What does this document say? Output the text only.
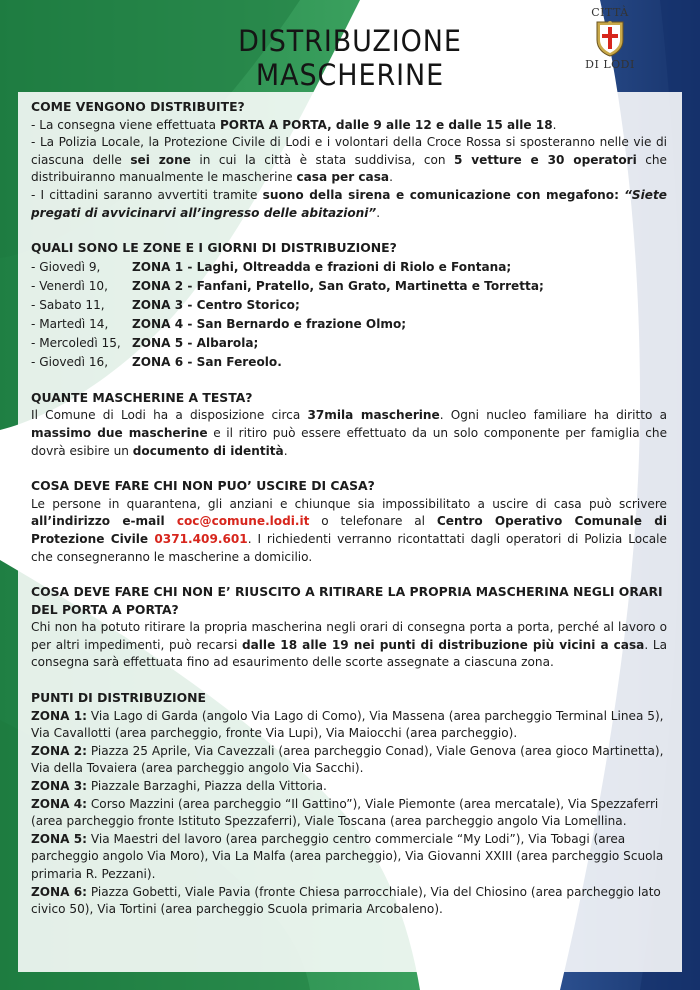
DISTRIBUZIONE MASCHERINE
CITTÀ
DI LODI
COME VENGONO DISTRIBUITE?

- La consegna viene effettuata PORTA A PORTA, dalle 9 alle 12 e dalle 15 alle 18.

- La Polizia Locale, la Protezione Civile di Lodi e i volontari della Croce Rossa si sposteranno nelle vie di ciascuna delle sei zone in cui la città è stata suddivisa, con 5 vetture e 30 operatori che distribuiranno manualmente le mascherine casa per casa.

- I cittadini saranno avvertiti tramite suono della sirena e comunicazione con megafono: “Siete pregati di avvicinarvi all’ingresso delle abitazioni”.

QUALI SONO LE ZONE E I GIORNI DI DISTRIBUZIONE?
- Giovedì 9,	ZONA 1 - Laghi, Oltreadda e frazioni di Riolo e Fontana;
- Venerdì 10,	ZONA 2 - Fanfani, Pratello, San Grato, Martinetta e Torretta;
- Sabato 11,	ZONA 3 - Centro Storico;
- Martedì 14,	ZONA 4 - San Bernardo e frazione Olmo;
- Mercoledì 15, ZONA 5 - Albarola;
- Giovedì 16,	ZONA 6 - San Fereolo.
QUANTE MASCHERINE A TESTA?

Il Comune di Lodi ha a disposizione circa 37mila mascherine. Ogni nucleo familiare ha diritto a massimo due mascherine e il ritiro può essere effettuato da un solo componente per famiglia che dovrà esibire un documento di identità.

COSA DEVE FARE CHI NON PUO’ USCIRE DI CASA?

Le persone in quarantena, gli anziani e chiunque sia impossibilitato a uscire di casa può scrivere all’indirizzo e-mail coc@comune.lodi.it o telefonare al Centro Operativo Comunale di Protezione Civile 0371.409.601. I richiedenti verranno ricontattati dagli operatori di Polizia Locale che consegneranno le mascherine a domicilio.

COSA DEVE FARE CHI NON E’ RIUSCITO A RITIRARE LA PROPRIA MASCHERINA NEGLI ORARI DEL PORTA A PORTA?

Chi non ha potuto ritirare la propria mascherina negli orari di consegna porta a porta, perché al lavoro o per altri impedimenti, può recarsi dalle 18 alle 19 nei punti di distribuzione più vicini a casa. La consegna sarà effettuata fino ad esaurimento delle scorte assegnate a ciascuna zona.

PUNTI DI DISTRIBUZIONE

ZONA 1: Via Lago di Garda (angolo Via Lago di Como), Via Massena (area parcheggio Terminal Linea 5), Via Cavallotti (area parcheggio, fronte Via Lupi), Via Maiocchi (area parcheggio).

ZONA 2: Piazza 25 Aprile, Via Cavezzali (area parcheggio Conad), Viale Genova (area gioco Martinetta), Via della Tovaiera (area parcheggio angolo Via Sacchi).

ZONA 3: Piazzale Barzaghi, Piazza della Vittoria.

ZONA 4: Corso Mazzini (area parcheggio “Il Gattino”), Viale Piemonte (area mercatale), Via Spezzaferri (area parcheggio fronte Istituto Spezzaferri), Viale Toscana (area parcheggio angolo Via Lomellina.

ZONA 5: Via Maestri del lavoro (area parcheggio centro commerciale “My Lodi”), Via Tobagi (area parcheggio angolo Via Moro), Via La Malfa (area parcheggio), Via Giovanni XXIII (area parcheggio Scuola primaria R. Pezzani).

ZONA 6: Piazza Gobetti, Viale Pavia (fronte Chiesa parrocchiale), Via del Chiosino (area parcheggio lato civico 50), Via Tortini (area parcheggio Scuola primaria Arcobaleno).
